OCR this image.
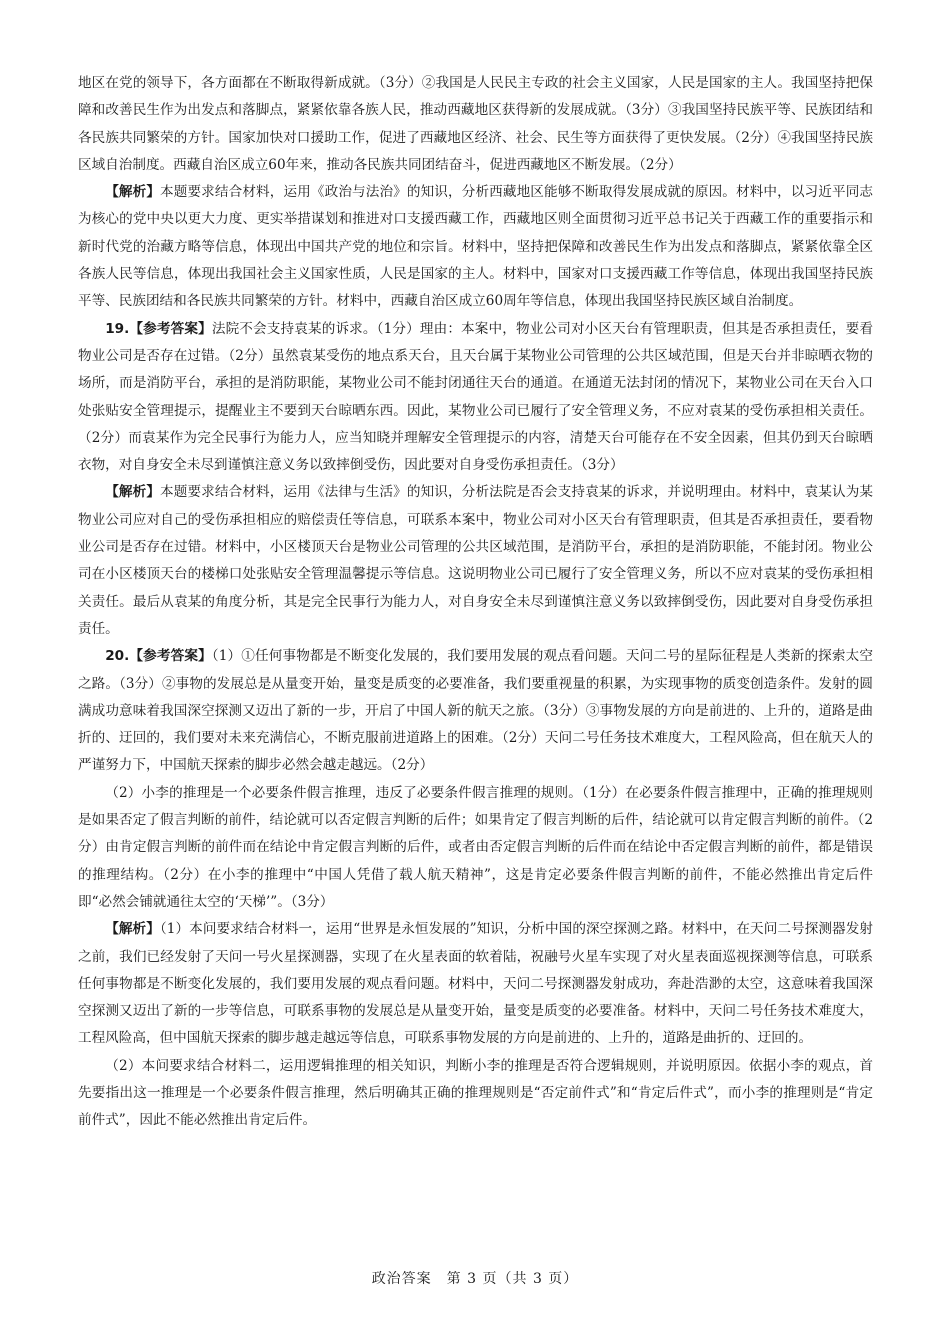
地区在党的领导下，各方面都在不断取得新成就。（3分）②我国是人民民主专政的社会主义国家，人民是国家的主人。我国坚持把保障和改善民生作为出发点和落脚点，紧紧依靠各族人民，推动西藏地区获得新的发展成就。（3分）③我国坚持民族平等、民族团结和各民族共同繁荣的方针。国家加快对口援助工作，促进了西藏地区经济、社会、民生等方面获得了更快发展。（2分）④我国坚持民族区域自治制度。西藏自治区成立60年来，推动各民族共同团结奋斗，促进西藏地区不断发展。（2分）

【解析】本题要求结合材料，运用《政治与法治》的知识，分析西藏地区能够不断取得发展成就的原因。材料中，以习近平同志为核心的党中央以更大力度、更实举措谋划和推进对口支援西藏工作，西藏地区则全面贯彻习近平总书记关于西藏工作的重要指示和新时代党的治藏方略等信息，体现出中国共产党的地位和宗旨。材料中，坚持把保障和改善民生作为出发点和落脚点，紧紧依靠全区各族人民等信息，体现出我国社会主义国家性质，人民是国家的主人。材料中，国家对口支援西藏工作等信息，体现出我国坚持民族平等、民族团结和各民族共同繁荣的方针。材料中，西藏自治区成立60周年等信息，体现出我国坚持民族区域自治制度。

19.【参考答案】法院不会支持袁某的诉求。（1分）理由：本案中，物业公司对小区天台有管理职责，但其是否承担责任，要看物业公司是否存在过错。（2分）虽然袁某受伤的地点系天台，且天台属于某物业公司管理的公共区域范围，但是天台并非晾晒衣物的场所，而是消防平台，承担的是消防职能，某物业公司不能封闭通往天台的通道。在通道无法封闭的情况下，某物业公司在天台入口处张贴安全管理提示，提醒业主不要到天台晾晒东西。因此，某物业公司已履行了安全管理义务，不应对袁某的受伤承担相关责任。（2分）而袁某作为完全民事行为能力人，应当知晓并理解安全管理提示的内容，清楚天台可能存在不安全因素，但其仍到天台晾晒衣物，对自身安全未尽到谨慎注意义务以致摔倒受伤，因此要对自身受伤承担责任。（3分）

【解析】本题要求结合材料，运用《法律与生活》的知识，分析法院是否会支持袁某的诉求，并说明理由。材料中，袁某认为某物业公司应对自己的受伤承担相应的赔偿责任等信息，可联系本案中，物业公司对小区天台有管理职责，但其是否承担责任，要看物业公司是否存在过错。材料中，小区楼顶天台是物业公司管理的公共区域范围，是消防平台，承担的是消防职能，不能封闭。物业公司在小区楼顶天台的楼梯口处张贴安全管理温馨提示等信息。这说明物业公司已履行了安全管理义务，所以不应对袁某的受伤承担相关责任。最后从袁某的角度分析，其是完全民事行为能力人，对自身安全未尽到谨慎注意义务以致摔倒受伤，因此要对自身受伤承担责任。

20.【参考答案】（1）①任何事物都是不断变化发展的，我们要用发展的观点看问题。天问二号的星际征程是人类新的探索太空之路。（3分）②事物的发展总是从量变开始，量变是质变的必要准备，我们要重视量的积累，为实现事物的质变创造条件。发射的圆满成功意味着我国深空探测又迈出了新的一步，开启了中国人新的航天之旅。（3分）③事物发展的方向是前进的、上升的，道路是曲折的、迂回的，我们要对未来充满信心，不断克服前进道路上的困难。（2分）天问二号任务技术难度大，工程风险高，但在航天人的严谨努力下，中国航天探索的脚步必然会越走越远。（2分）

（2）小李的推理是一个必要条件假言推理，违反了必要条件假言推理的规则。（1分）在必要条件假言推理中，正确的推理规则是如果否定了假言判断的前件，结论就可以否定假言判断的后件；如果肯定了假言判断的后件，结论就可以肯定假言判断的前件。（2分）由肯定假言判断的前件而在结论中肯定假言判断的后件，或者由否定假言判断的后件而在结论中否定假言判断的前件，都是错误的推理结构。（2分）在小李的推理中“中国人凭借了载人航天精神”，这是肯定必要条件假言判断的前件，不能必然推出肯定后件即“必然会铺就通往太空的‘天梯’”。（3分）

【解析】（1）本问要求结合材料一，运用“世界是永恒发展的”知识，分析中国的深空探测之路。材料中，在天问二号探测器发射之前，我们已经发射了天问一号火星探测器，实现了在火星表面的软着陆，祝融号火星车实现了对火星表面巡视探测等信息，可联系任何事物都是不断变化发展的，我们要用发展的观点看问题。材料中，天问二号探测器发射成功，奔赴浩渺的太空，这意味着我国深空探测又迈出了新的一步等信息，可联系事物的发展总是从量变开始，量变是质变的必要准备。材料中，天问二号任务技术难度大，工程风险高，但中国航天探索的脚步越走越远等信息，可联系事物发展的方向是前进的、上升的，道路是曲折的、迂回的。

（2）本问要求结合材料二，运用逻辑推理的相关知识，判断小李的推理是否符合逻辑规则，并说明原因。依据小李的观点，首先要指出这一推理是一个必要条件假言推理，然后明确其正确的推理规则是“否定前件式”和“肯定后件式”，而小李的推理则是“肯定前件式”，因此不能必然推出肯定后件。

政治答案　第 3 页（共 3 页）
